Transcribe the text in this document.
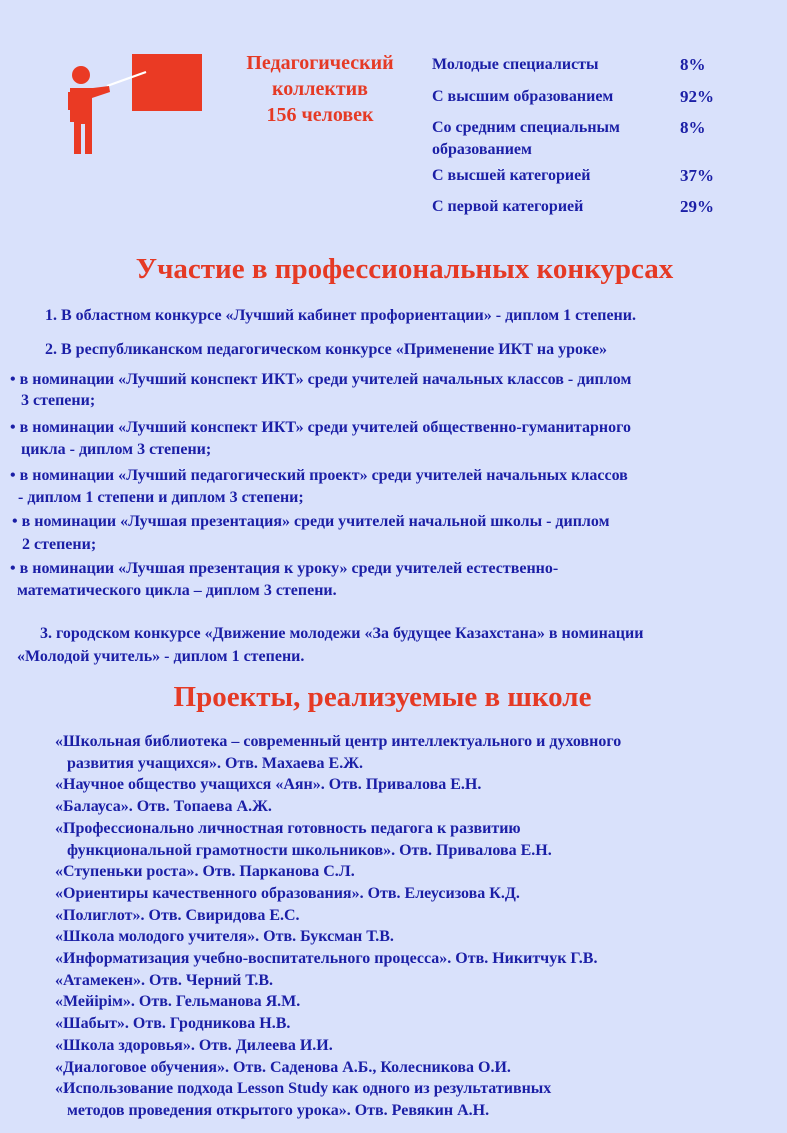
Педагогический
коллектив
156 человек
Молодые специалисты	8%
С высшим образованием	92%
Со средним специальным	8%
образованием
С высшей категорией	37%
С первой категорией	29%
Участие в профессиональных конкурсах
1. В областном конкурсе «Лучший кабинет профориентации» - диплом 1 степени.
2. В республиканском педагогическом конкурсе «Применение ИКТ на уроке»
• в номинации «Лучший конспект ИКТ» среди учителей начальных классов - диплом
3 степени;
• в номинации «Лучший конспект ИКТ» среди учителей общественно-гуманитарного
цикла - диплом 3 степени;
• в номинации «Лучший педагогический проект» среди учителей начальных классов
- диплом 1 степени и диплом 3 степени;
• в номинации «Лучшая презентация» среди учителей начальной школы - диплом
2 степени;
• в номинации «Лучшая презентация к уроку» среди учителей естественно-
математического цикла – диплом 3 степени.
3. городском конкурсе «Движение молодежи «За будущее Казахстана» в номинации
«Молодой учитель» - диплом 1 степени.
Проекты, реализуемые в школе
«Школьная библиотека – современный центр интеллектуального и духовного
развития учащихся». Отв. Махаева Е.Ж.
«Научное общество учащихся «Аян». Отв. Привалова Е.Н.
«Балауса». Отв. Топаева А.Ж.
«Профессионально личностная готовность педагога к развитию
функциональной грамотности школьников». Отв. Привалова Е.Н.
«Ступеньки роста». Отв. Парканова С.Л.
«Ориентиры качественного образования». Отв. Елеусизова К.Д.
«Полиглот». Отв. Свиридова Е.С.
«Школа молодого учителя». Отв. Буксман Т.В.
«Информатизация учебно-воспитательного процесса». Отв. Никитчук Г.В.
«Атамекен». Отв. Черний Т.В.
«Мейірім». Отв. Гельманова Я.М.
«Шабыт». Отв. Гродникова Н.В.
«Школа здоровья». Отв. Дилеева И.И.
«Диалоговое обучения». Отв. Саденова А.Б., Колесникова О.И.
«Использование подхода Lesson Study как одного из результативных
методов проведения открытого урока». Отв. Ревякин А.Н.
